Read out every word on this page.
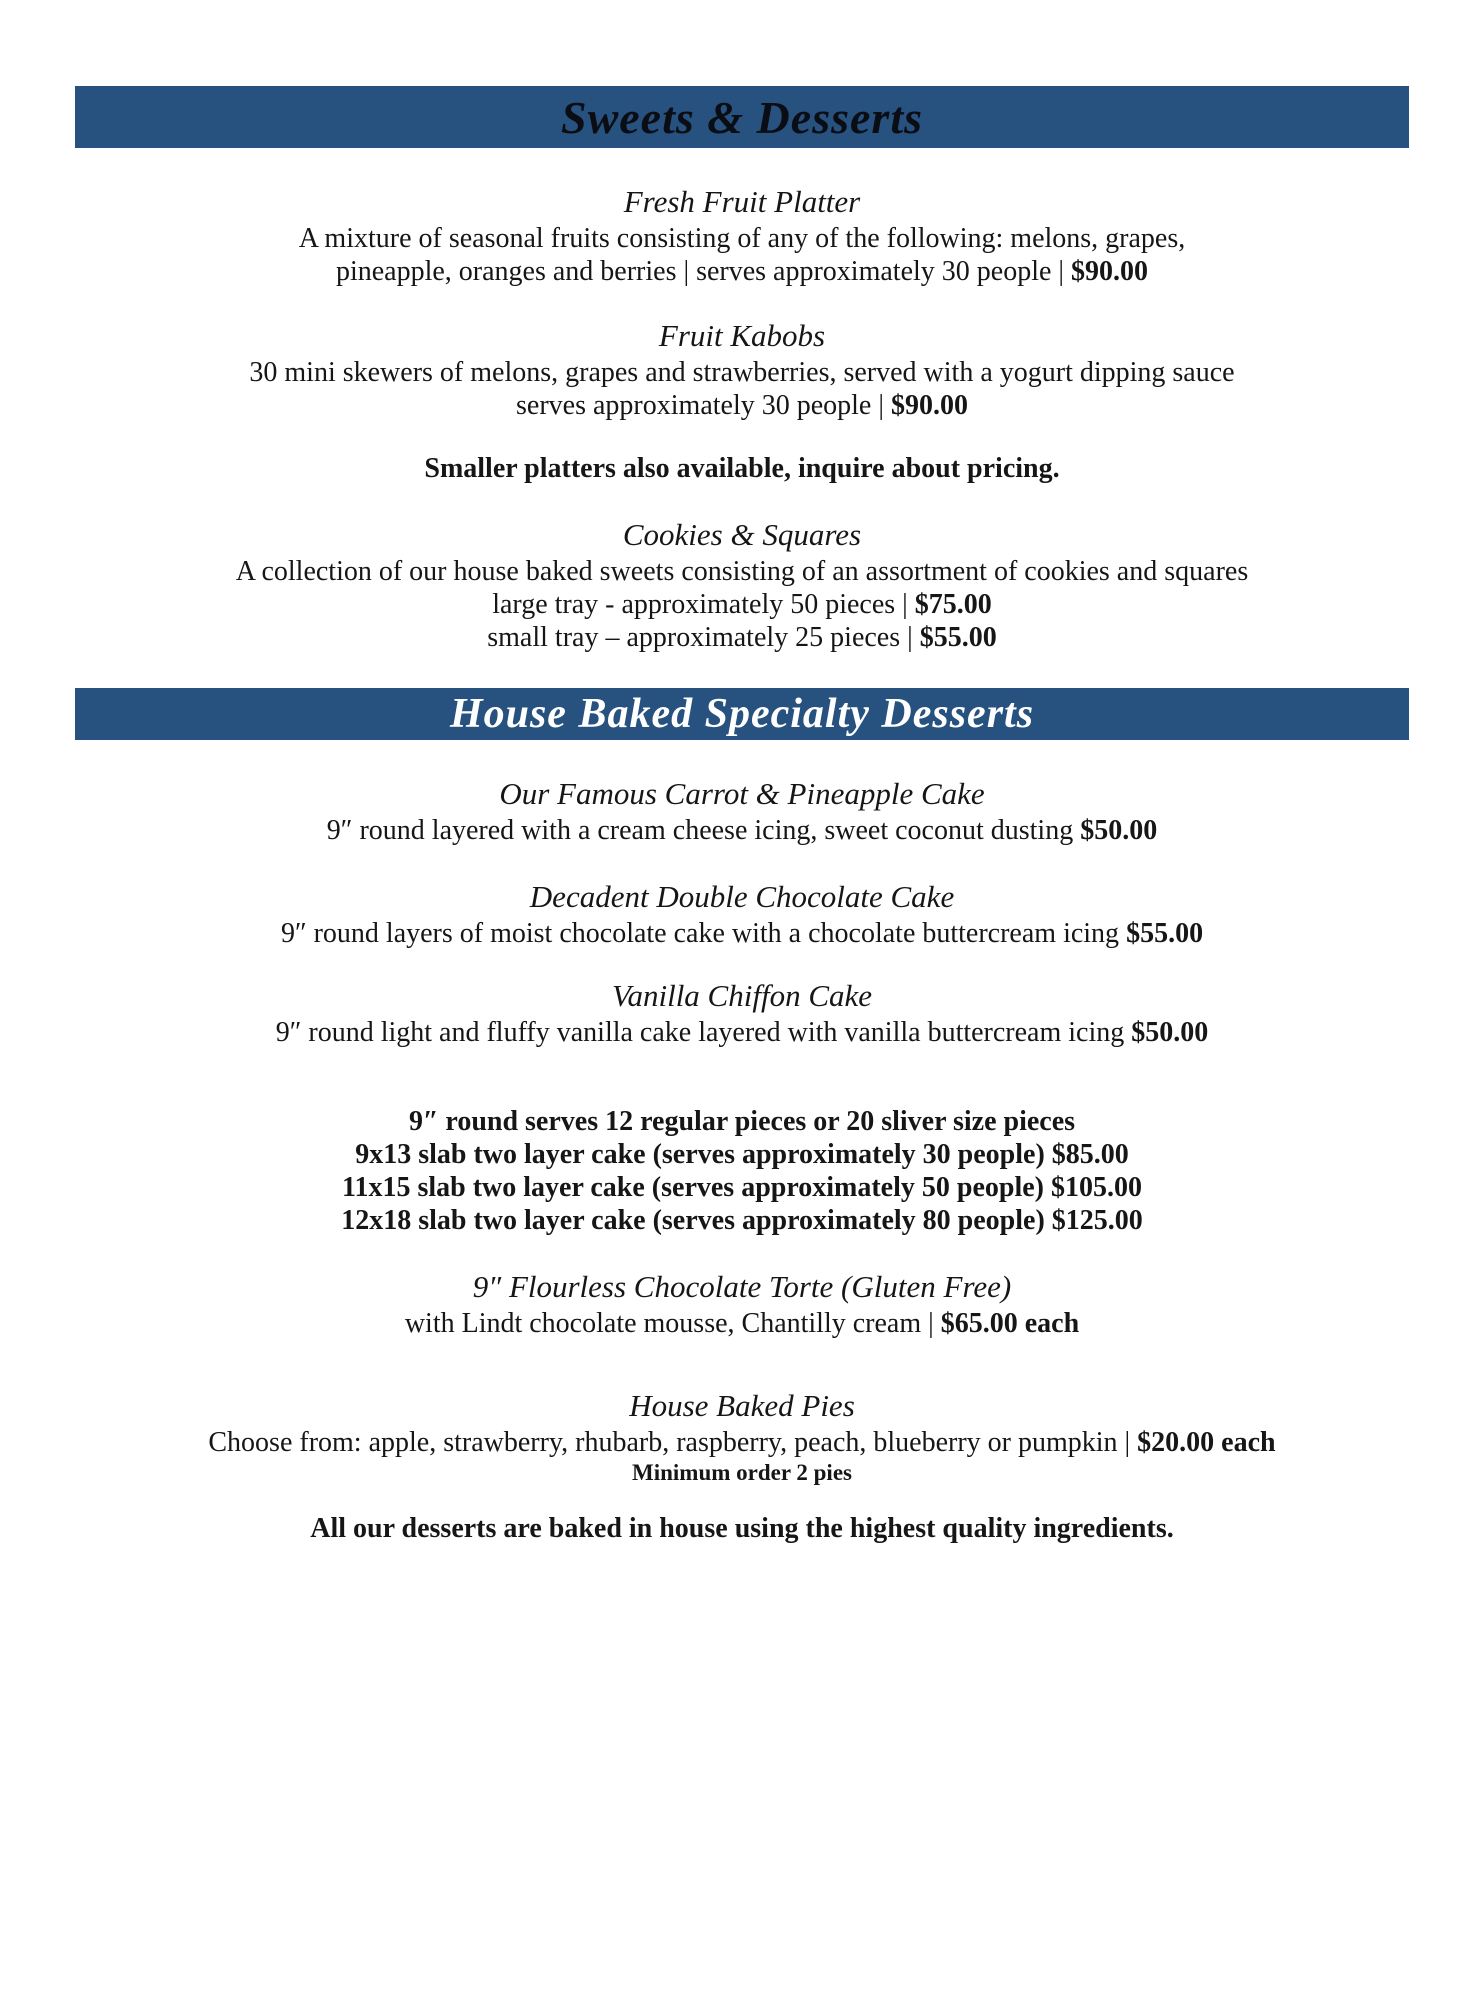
Sweets & Desserts
Fresh Fruit Platter
A mixture of seasonal fruits consisting of any of the following: melons, grapes,
pineapple, oranges and berries | serves approximately 30 people | $90.00
Fruit Kabobs
30 mini skewers of melons, grapes and strawberries, served with a yogurt dipping sauce
serves approximately 30 people | $90.00
Smaller platters also available, inquire about pricing.
Cookies & Squares
A collection of our house baked sweets consisting of an assortment of cookies and squares
large tray - approximately 50 pieces | $75.00
small tray – approximately 25 pieces | $55.00
House Baked Specialty Desserts
Our Famous Carrot & Pineapple Cake
9″ round layered with a cream cheese icing, sweet coconut dusting $50.00
Decadent Double Chocolate Cake
9″ round layers of moist chocolate cake with a chocolate buttercream icing $55.00
Vanilla Chiffon Cake
9″ round light and fluffy vanilla cake layered with vanilla buttercream icing $50.00
9″ round serves 12 regular pieces or 20 sliver size pieces
9x13 slab two layer cake (serves approximately 30 people) $85.00
11x15 slab two layer cake (serves approximately 50 people) $105.00
12x18 slab two layer cake (serves approximately 80 people) $125.00
9″ Flourless Chocolate Torte (Gluten Free)
with Lindt chocolate mousse, Chantilly cream | $65.00 each
House Baked Pies
Choose from: apple, strawberry, rhubarb, raspberry, peach, blueberry or pumpkin | $20.00 each
Minimum order 2 pies
All our desserts are baked in house using the highest quality ingredients.
